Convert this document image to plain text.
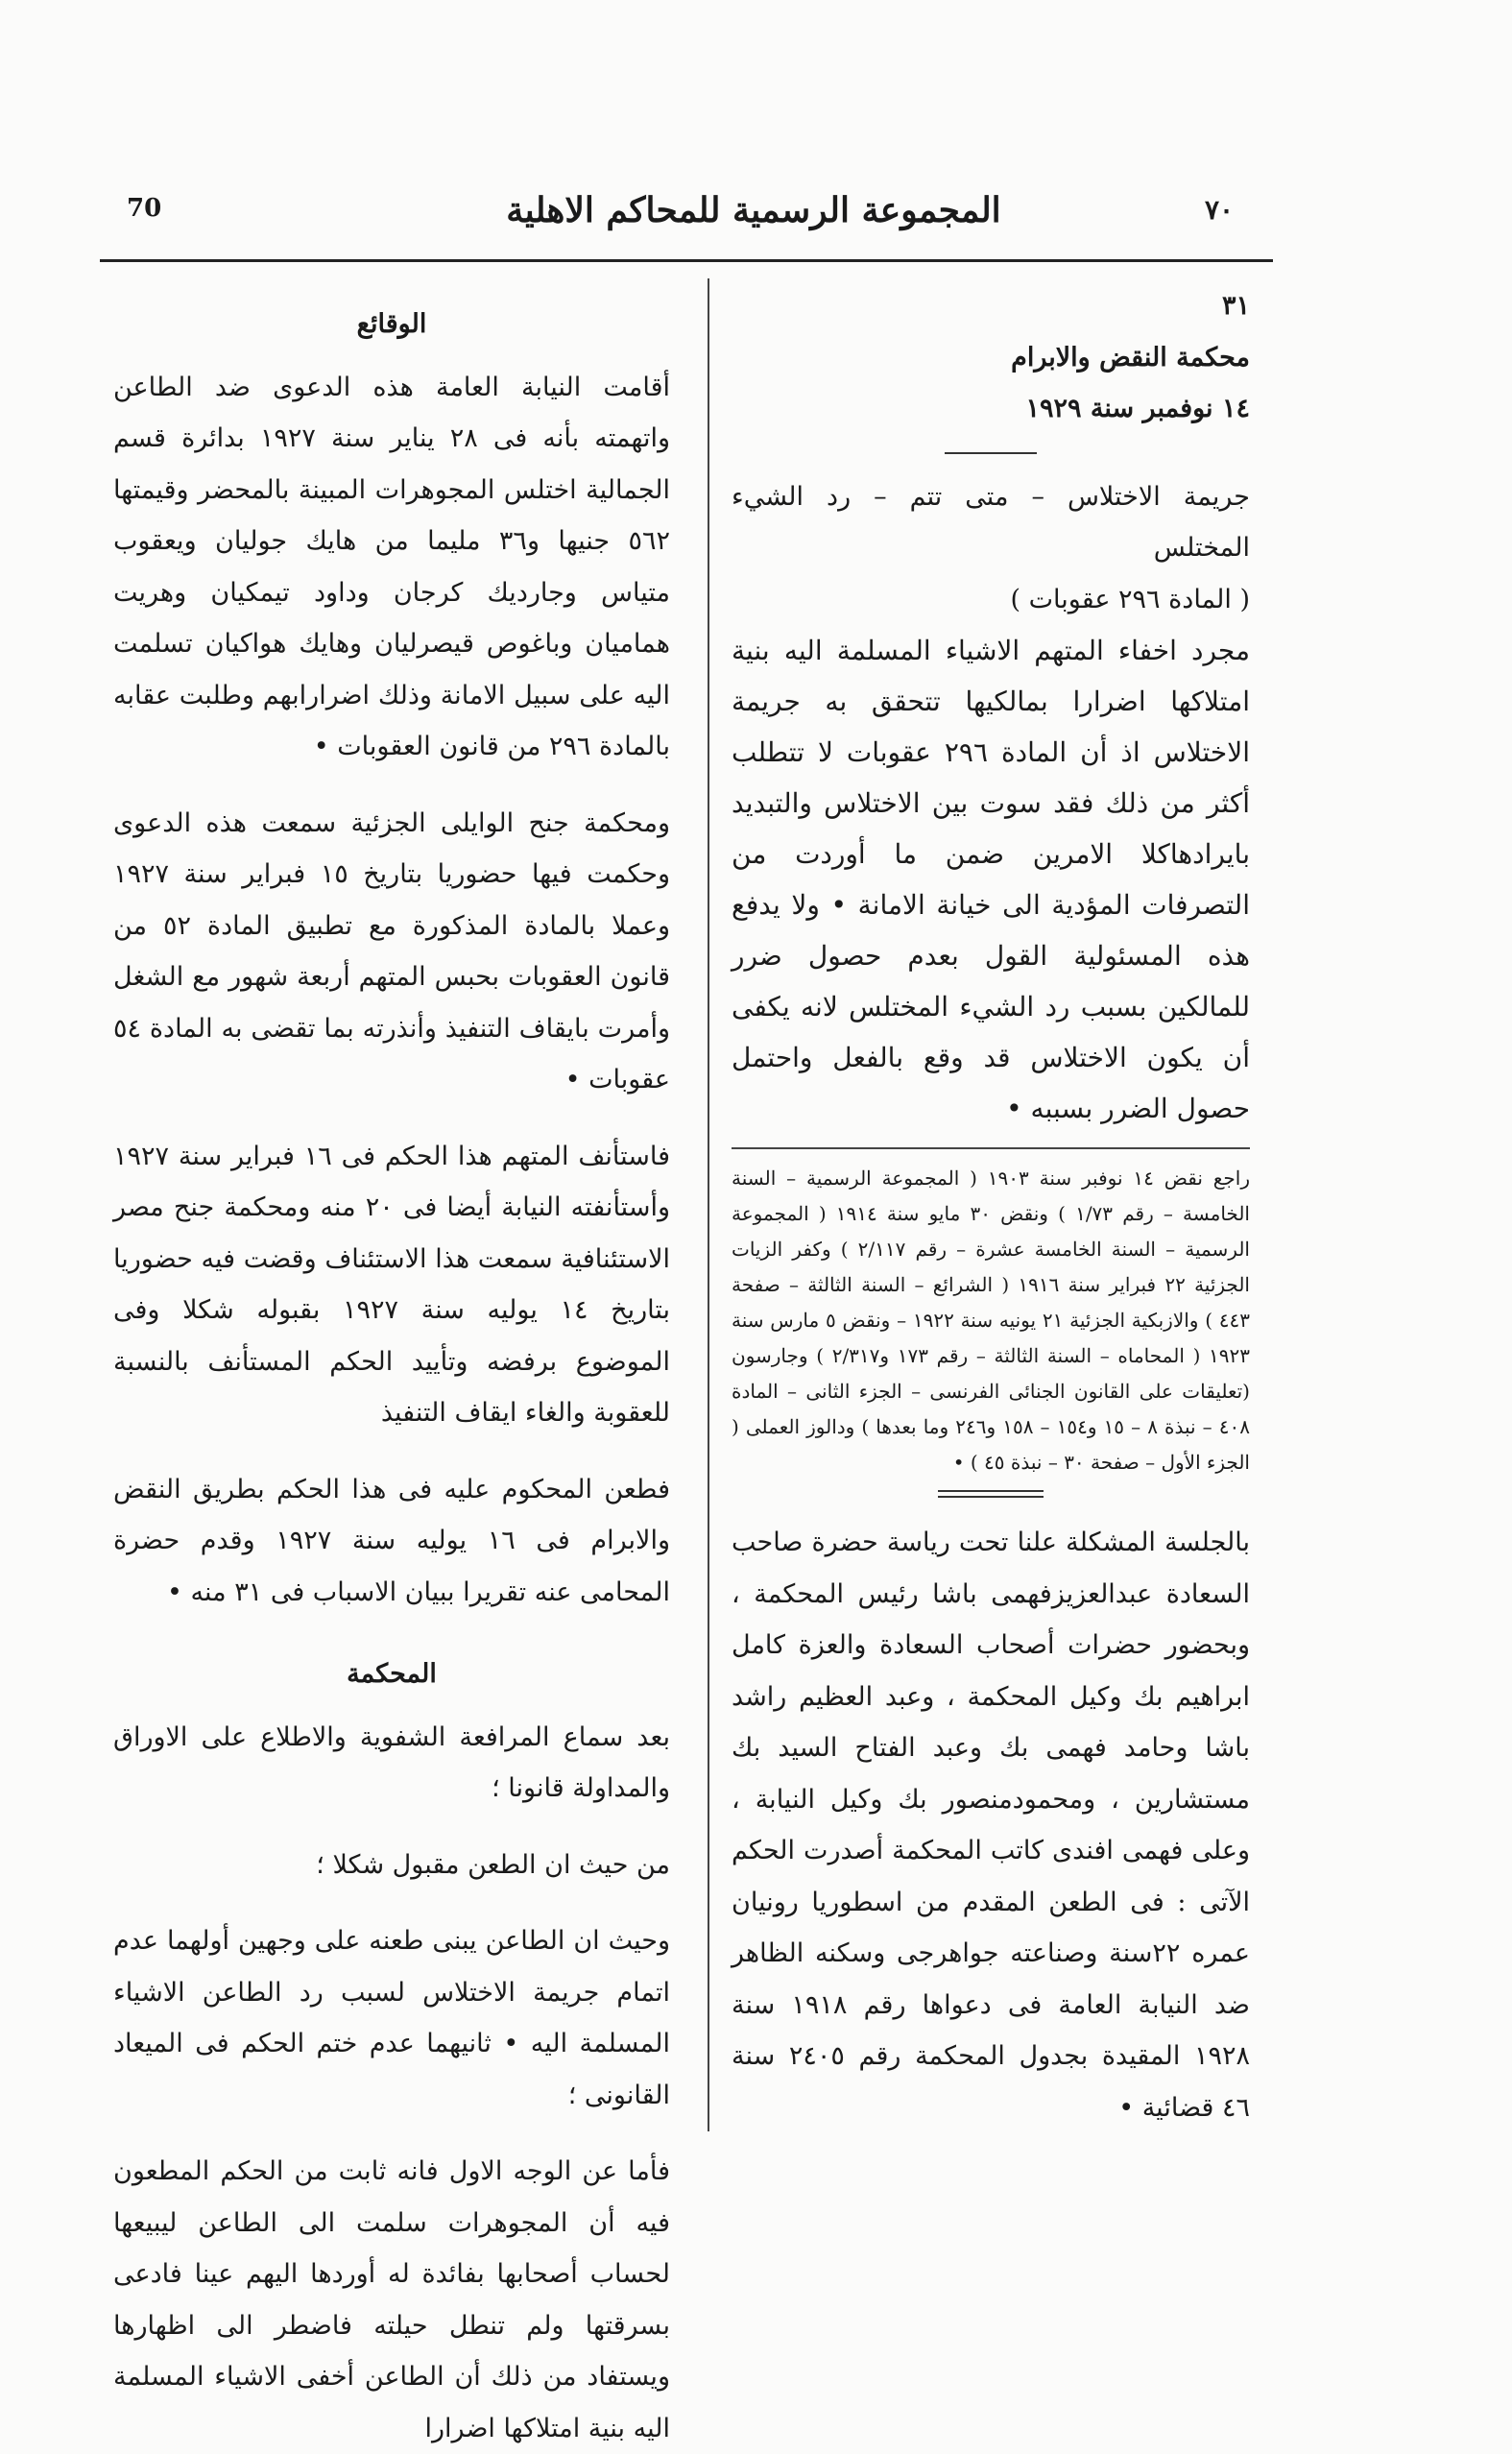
70	المجموعة الرسمية للمحاكم الاهلية	٧٠

٣١

محكمة النقض والابرام

١٤ نوفمبر سنة ١٩٢٩

جريمة الاختلاس – متى تتم – رد الشيء المختلس

( المادة ٢٩٦ عقوبات )

مجرد اخفاء المتهم الاشياء المسلمة اليه بنية امتلاكها اضرارا بمالكيها تتحقق به جريمة الاختلاس اذ أن المادة ٢٩٦ عقوبات لا تتطلب أكثر من ذلك فقد سوت بين الاختلاس والتبديد بايرادهاكلا الامرين ضمن ما أوردت من التصرفات المؤدية الى خيانة الامانة • ولا يدفع هذه المسئولية القول بعدم حصول ضرر للمالكين بسبب رد الشيء المختلس لانه يكفى أن يكون الاختلاس قد وقع بالفعل واحتمل حصول الضرر بسببه •

راجع نقض ١٤ نوفبر سنة ١٩٠٣ ( المجموعة الرسمية – السنة الخامسة – رقم ١/٧٣ ) ونقض ٣٠ مايو سنة ١٩١٤ ( المجموعة الرسمية – السنة الخامسة عشرة – رقم ٢/١١٧ ) وكفر الزيات الجزئية ٢٢ فبراير سنة ١٩١٦ ( الشرائع – السنة الثالثة – صفحة ٤٤٣ ) والازبكية الجزئية ٢١ يونيه سنة ١٩٢٢ – ونقض ٥ مارس سنة ١٩٢٣ ( المحاماه – السنة الثالثة – رقم ١٧٣ و٢/٣١٧ ) وجارسون (تعليقات على القانون الجنائى الفرنسى – الجزء الثانى – المادة ٤٠٨ – نبذة ٨ – ١٥ و١٥٤ – ١٥٨ و٢٤٦ وما بعدها ) ودالوز العملى ( الجزء الأول – صفحة ٣٠ – نبذة ٤٥ ) •

بالجلسة المشكلة علنا تحت رياسة حضرة صاحب السعادة عبدالعزيزفهمى باشا رئيس المحكمة ، وبحضور حضرات أصحاب السعادة والعزة كامل ابراهيم بك وكيل المحكمة ، وعبد العظيم راشد باشا وحامد فهمى بك وعبد الفتاح السيد بك مستشارين ، ومحمودمنصور بك وكيل النيابة ، وعلى فهمى افندى كاتب المحكمة أصدرت الحكم الآتى : فى الطعن المقدم من اسطوريا رونيان عمره ٢٢سنة وصناعته جواهرجى وسكنه الظاهر ضد النيابة العامة فى دعواها رقم ١٩١٨ سنة ١٩٢٨ المقيدة بجدول المحكمة رقم ٢٤٠٥ سنة ٤٦ قضائية •

الوقائع

أقامت النيابة العامة هذه الدعوى ضد الطاعن واتهمته بأنه فى ٢٨ يناير سنة ١٩٢٧ بدائرة قسم الجمالية اختلس المجوهرات المبينة بالمحضر وقيمتها ٥٦٢ جنيها و٣٦ مليما من هايك جوليان ويعقوب متياس وجارديك كرجان وداود تيمكيان وهريت همامیان وباغوص قيصرليان وهايك هواكيان تسلمت اليه على سبيل الامانة وذلك اضرارابهم وطلبت عقابه بالمادة ٢٩٦ من قانون العقوبات •

ومحكمة جنح الوايلى الجزئية سمعت هذه الدعوى وحكمت فيها حضوريا بتاريخ ١٥ فبراير سنة ١٩٢٧ وعملا بالمادة المذكورة مع تطبيق المادة ٥٢ من قانون العقوبات بحبس المتهم أربعة شهور مع الشغل وأمرت بايقاف التنفيذ وأنذرته بما تقضى به المادة ٥٤ عقوبات •

فاستأنف المتهم هذا الحكم فى ١٦ فبراير سنة ١٩٢٧ وأستأنفته النيابة أيضا فى ٢٠ منه ومحكمة جنح مصر الاستئنافية سمعت هذا الاستئناف وقضت فيه حضوريا بتاريخ ١٤ يوليه سنة ١٩٢٧ بقبوله شكلا وفى الموضوع برفضه وتأييد الحكم المستأنف بالنسبة للعقوبة والغاء ايقاف التنفيذ

فطعن المحكوم عليه فى هذا الحكم بطريق النقض والابرام فى ١٦ يوليه سنة ١٩٢٧ وقدم حضرة المحامى عنه تقريرا ببيان الاسباب فى ٣١ منه •

المحكمة

بعد سماع المرافعة الشفوية والاطلاع على الاوراق والمداولة قانونا ؛

من حيث ان الطعن مقبول شكلا ؛

وحيث ان الطاعن يبنى طعنه على وجهين أولهما عدم اتمام جريمة الاختلاس لسبب رد الطاعن الاشياء المسلمة اليه • ثانيهما عدم ختم الحكم فى الميعاد القانونى ؛

فأما عن الوجه الاول فانه ثابت من الحكم المطعون فيه أن المجوهرات سلمت الى الطاعن ليبيعها لحساب أصحابها بفائدة له أوردها اليهم عينا فادعى بسرقتها ولم تنطل حيلته فاضطر الى اظهارها ويستفاد من ذلك أن الطاعن أخفى الاشياء المسلمة اليه بنية امتلاكها اضرارا
